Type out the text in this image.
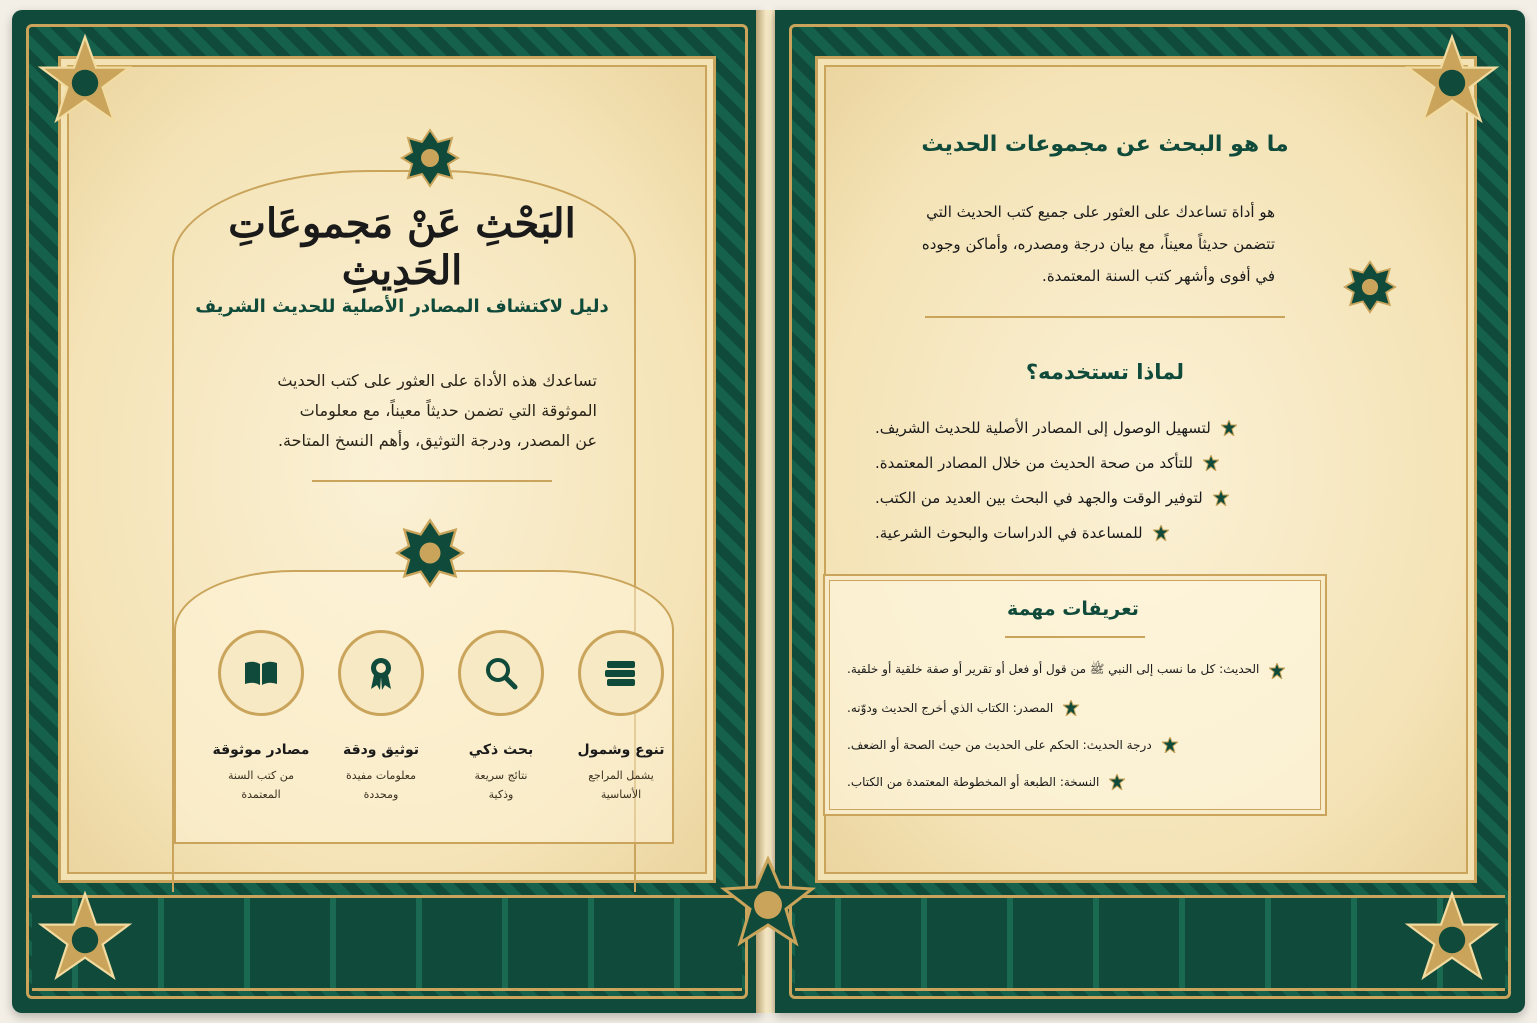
البَحْثِ عَنْ مَجموعَاتِ الحَدِيثِ
دليل لاكتشاف المصادر الأصلية للحديث الشريف
تساعدك هذه الأداة على العثور على كتب الحديث
الموثوقة التي تضمن حديثاً معيناً، مع معلومات
عن المصدر، ودرجة التوثيق، وأهم النسخ المتاحة.
تنوع وشمول
يشمل المراجع
الأساسية
بحث ذكي
نتائج سريعة
وذكية
توثيق ودقة
معلومات مفيدة
ومحددة
مصادر موثوقة
من كتب السنة
المعتمدة
ما هو البحث عن مجموعات الحديث
هو أداة تساعدك على العثور على جميع كتب الحديث التي
تتضمن حديثاً معيناً، مع بيان درجة ومصدره، وأماكن وجوده
في أفوى وأشهر كتب السنة المعتمدة.
لماذا تستخدمه؟
لتسهيل الوصول إلى المصادر الأصلية للحديث الشريف.
للتأكد من صحة الحديث من خلال المصادر المعتمدة.
لتوفير الوقت والجهد في البحث بين العديد من الكتب.
للمساعدة في الدراسات والبحوث الشرعية.
تعريفات مهمة
الحديث: كل ما نسب إلى النبي ﷺ من قول أو فعل أو تقرير أو صفة خلقية أو خلقية.
المصدر: الكتاب الذي أخرج الحديث ودوّنه.
درجة الحديث: الحكم على الحديث من حيث الصحة أو الضعف.
النسخة: الطبعة أو المخطوطة المعتمدة من الكتاب.
